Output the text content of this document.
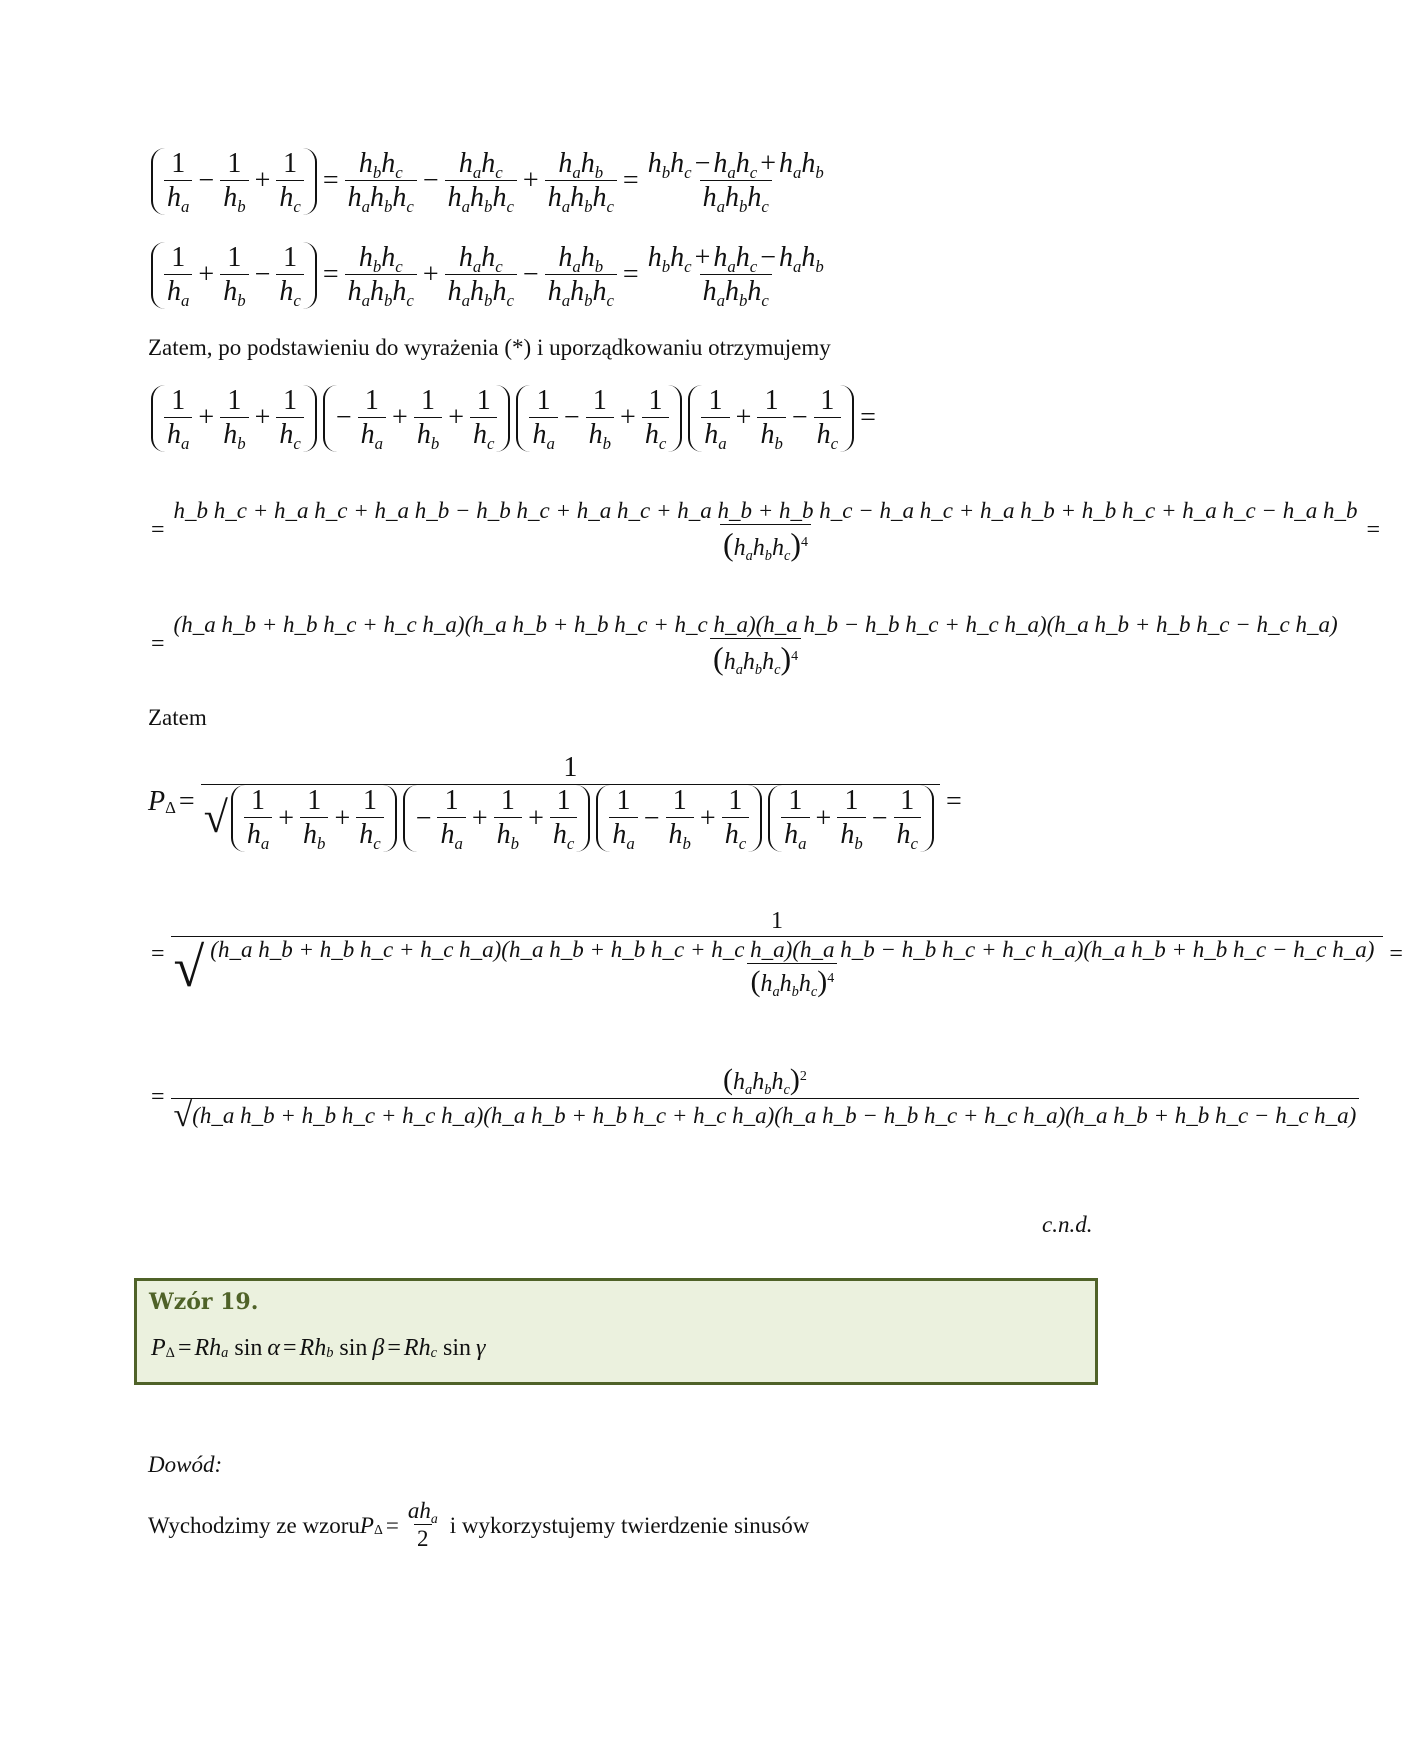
$\frac{1}{h_a} - \frac{1}{h_b} + \frac{1}{h_c} = \frac{h_bh_c}{h_ah_bh_c} - \frac{h_ah_c}{h_ah_bh_c} + \frac{h_ah_b}{h_ah_bh_c} = \frac{h_bh_c - h_ah_c + h_ah_b}{h_ah_bh_c}$
$\frac{1}{h_a} + \frac{1}{h_b} - \frac{1}{h_c} = \frac{h_bh_c}{h_ah_bh_c} + \frac{h_ah_c}{h_ah_bh_c} - \frac{h_ah_b}{h_ah_bh_c} = \frac{h_bh_c + h_ah_c - h_ah_b}{h_ah_bh_c}$
Zatem, po podstawieniu do wyrażenia (*) i uporządkowaniu otrzymujemy
$\frac{1}{h_a} + \frac{1}{h_b} + \frac{1}{h_c} - \frac{1}{h_a} + \frac{1}{h_b} + \frac{1}{h_c} \frac{1}{h_a} - \frac{1}{h_b} + \frac{1}{h_c} \frac{1}{h_a} + \frac{1}{h_b} - \frac{1}{h_c}$ =
=
h_b h_c + h_a h_c + h_a h_b − h_b h_c + h_a h_c + h_a h_b + h_b h_c − h_a h_c + h_a h_b + h_b h_c + h_a h_c − h_a h_b
$(h_ah_bh_c)^4$	=
=
(h_a h_b + h_b h_c + h_c h_a)(h_a h_b + h_b h_c + h_c h_a)(h_a h_b − h_b h_c + h_c h_a)(h_a h_b + h_b h_c − h_c h_a)
$(h_ah_bh_c)^4$
Zatem
P Δ =
1
√ $\frac{1}{h_a} + \frac{1}{h_b} + \frac{1}{h_c} - \frac{1}{h_a} + \frac{1}{h_b} + \frac{1}{h_c} \frac{1}{h_a} - \frac{1}{h_b} + \frac{1}{h_c} \frac{1}{h_a} + \frac{1}{h_b} - \frac{1}{h_c}$ =
=
1
√ (h_a h_b + h_b h_c + h_c h_a)(h_a h_b + h_b h_c + h_c h_a)(h_a h_b − h_b h_c + h_c h_a)(h_a h_b + h_b h_c − h_c h_a)
$(h_ah_bh_c)^4$
=
=
$(h_ah_bh_c)^2$
√ (h_a h_b + h_b h_c + h_c h_a)(h_a h_b + h_b h_c + h_c h_a)(h_a h_b − h_b h_c + h_c h_a)(h_a h_b + h_b h_c − h_c h_a)
c.n.d.
Wzór 19.
P Δ = R h a sin α = R h b sin β = R h c sin γ
Dowód:
Wychodzimy ze wzoru P $\Delta = \frac{ah_a}{2}$ i wykorzystujemy twierdzenie sinusów
